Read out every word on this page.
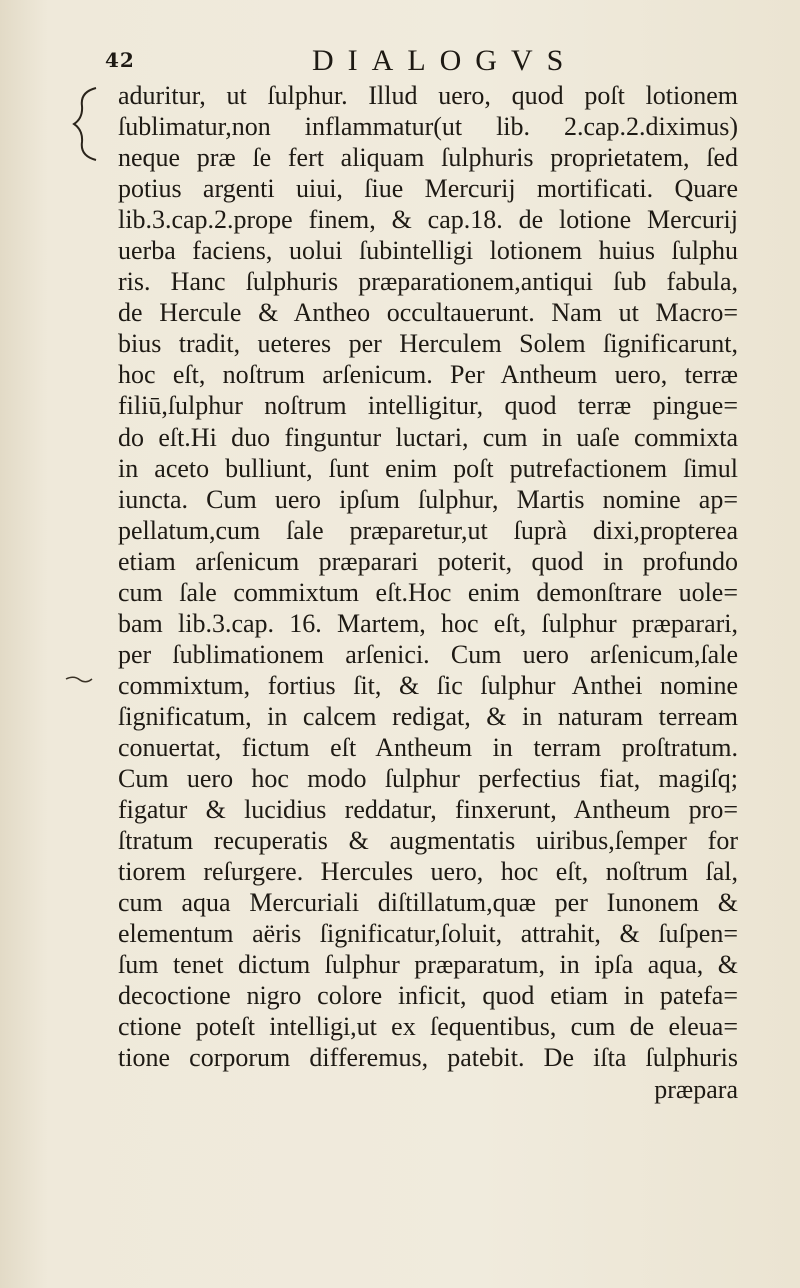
42	DIALOGVS
aduritur, ut ſulphur. Illud uero, quod poſt lotionem
ſublimatur,non inflammatur(ut lib. 2.cap.2.diximus)
neque præ ſe fert aliquam ſulphuris proprietatem, ſed
potius argenti uiui, ſiue Mercurij mortificati. Quare
lib.3.cap.2.prope finem, & cap.18. de lotione Mercurij
uerba faciens, uolui ſubintelligi lotionem huius ſulphu
ris. Hanc ſulphuris præparationem,antiqui ſub fabula,
de Hercule & Antheo occultauerunt. Nam ut Macro=
bius tradit, ueteres per Herculem Solem ſignificarunt,
hoc eſt, noſtrum arſenicum. Per Antheum uero, terræ
filiū,ſulphur noſtrum intelligitur, quod terræ pingue=
do eſt.Hi duo finguntur luctari, cum in uaſe commixta
in aceto bulliunt, ſunt enim poſt putrefactionem ſimul
iuncta. Cum uero ipſum ſulphur, Martis nomine ap=
pellatum,cum ſale præparetur,ut ſuprà dixi,propterea
etiam arſenicum præparari poterit, quod in profundo
cum ſale commixtum eſt.Hoc enim demonſtrare uole=
bam lib.3.cap. 16. Martem, hoc eſt, ſulphur præparari,
per ſublimationem arſenici. Cum uero arſenicum,ſale
commixtum, fortius ſit, & ſic ſulphur Anthei nomine
ſignificatum, in calcem redigat, & in naturam terream
conuertat, fictum eſt Antheum in terram proſtratum.
Cum uero hoc modo ſulphur perfectius fiat, magiſq;
figatur & lucidius reddatur, finxerunt, Antheum pro=
ſtratum recuperatis & augmentatis uiribus,ſemper for
tiorem reſurgere. Hercules uero, hoc eſt, noſtrum ſal,
cum aqua Mercuriali diſtillatum,quæ per Iunonem &
elementum aëris ſignificatur,ſoluit, attrahit, & ſuſpen=
ſum tenet dictum ſulphur præparatum, in ipſa aqua, &
decoctione nigro colore inficit, quod etiam in patefa=
ctione poteſt intelligi,ut ex ſequentibus, cum de eleua=
tione corporum differemus, patebit. De iſta ſulphuris
præpara
